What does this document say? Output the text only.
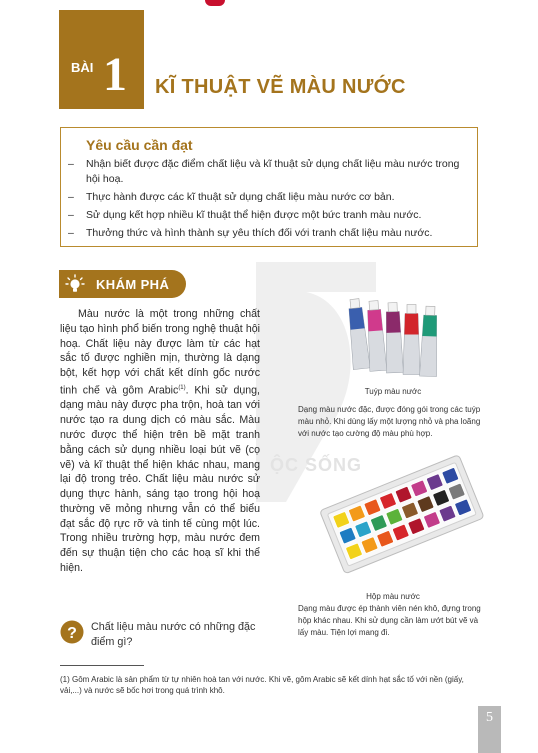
BÀI 1 KĨ THUẬT VẼ MÀU NƯỚC
Yêu cầu cần đạt
–	Nhận biết được đặc điểm chất liệu và kĩ thuật sử dụng chất liệu màu nước trong hội hoạ.
–	Thực hành được các kĩ thuật sử dụng chất liệu màu nước cơ bản.
–	Sử dụng kết hợp nhiều kĩ thuật thể hiện được một bức tranh màu nước.
–	Thưởng thức và hình thành sự yêu thích đối với tranh chất liệu màu nước.
KHÁM PHÁ
ỘC SỐNG
Màu nước là một trong những chất liệu tạo hình phổ biến trong nghệ thuật hội hoạ. Chất liệu này được làm từ các hạt sắc tố được nghiền mịn, thường là dạng bột, kết hợp với chất kết dính gốc nước tinh chế và gôm Arabic$^{(1)}$. Khi sử dụng, dạng màu này được pha trộn, hoà tan với nước tạo ra dung dịch có màu sắc. Màu nước được thể hiện trên bề mặt tranh bằng cách sử dụng nhiều loại bút vẽ (cọ vẽ) và kĩ thuật thể hiện khác nhau, mang lại độ trong trẻo. Chất liệu màu nước sử dụng thực hành, sáng tạo trong hội hoạ thường vẽ mỏng nhưng vẫn có thể biểu đạt sắc độ rực rỡ và tinh tế cùng một lúc. Trong nhiều trường hợp, màu nước đem đến sự thuận tiện cho các hoạ sĩ khi thể hiện.
Tuýp màu nước
Dạng màu nước đặc, được đóng gói trong các tuýp màu nhỏ. Khi dùng lấy một lượng nhỏ và pha loãng với nước tạo cường độ màu phù hợp.
Hộp màu nước
Dạng màu được ép thành viên nén khô, đựng trong hộp khác nhau. Khi sử dụng cần làm ướt bút vẽ và lấy màu. Tiện lợi mang đi.
? Chất liệu màu nước có những đặc điểm gì?
(1) Gôm Arabic là sản phẩm từ tự nhiên hoà tan với nước. Khi vẽ, gôm Arabic sẽ kết dính hạt sắc tố với nền (giấy, vải,...) và nước sẽ bốc hơi trong quá trình khô.
5
